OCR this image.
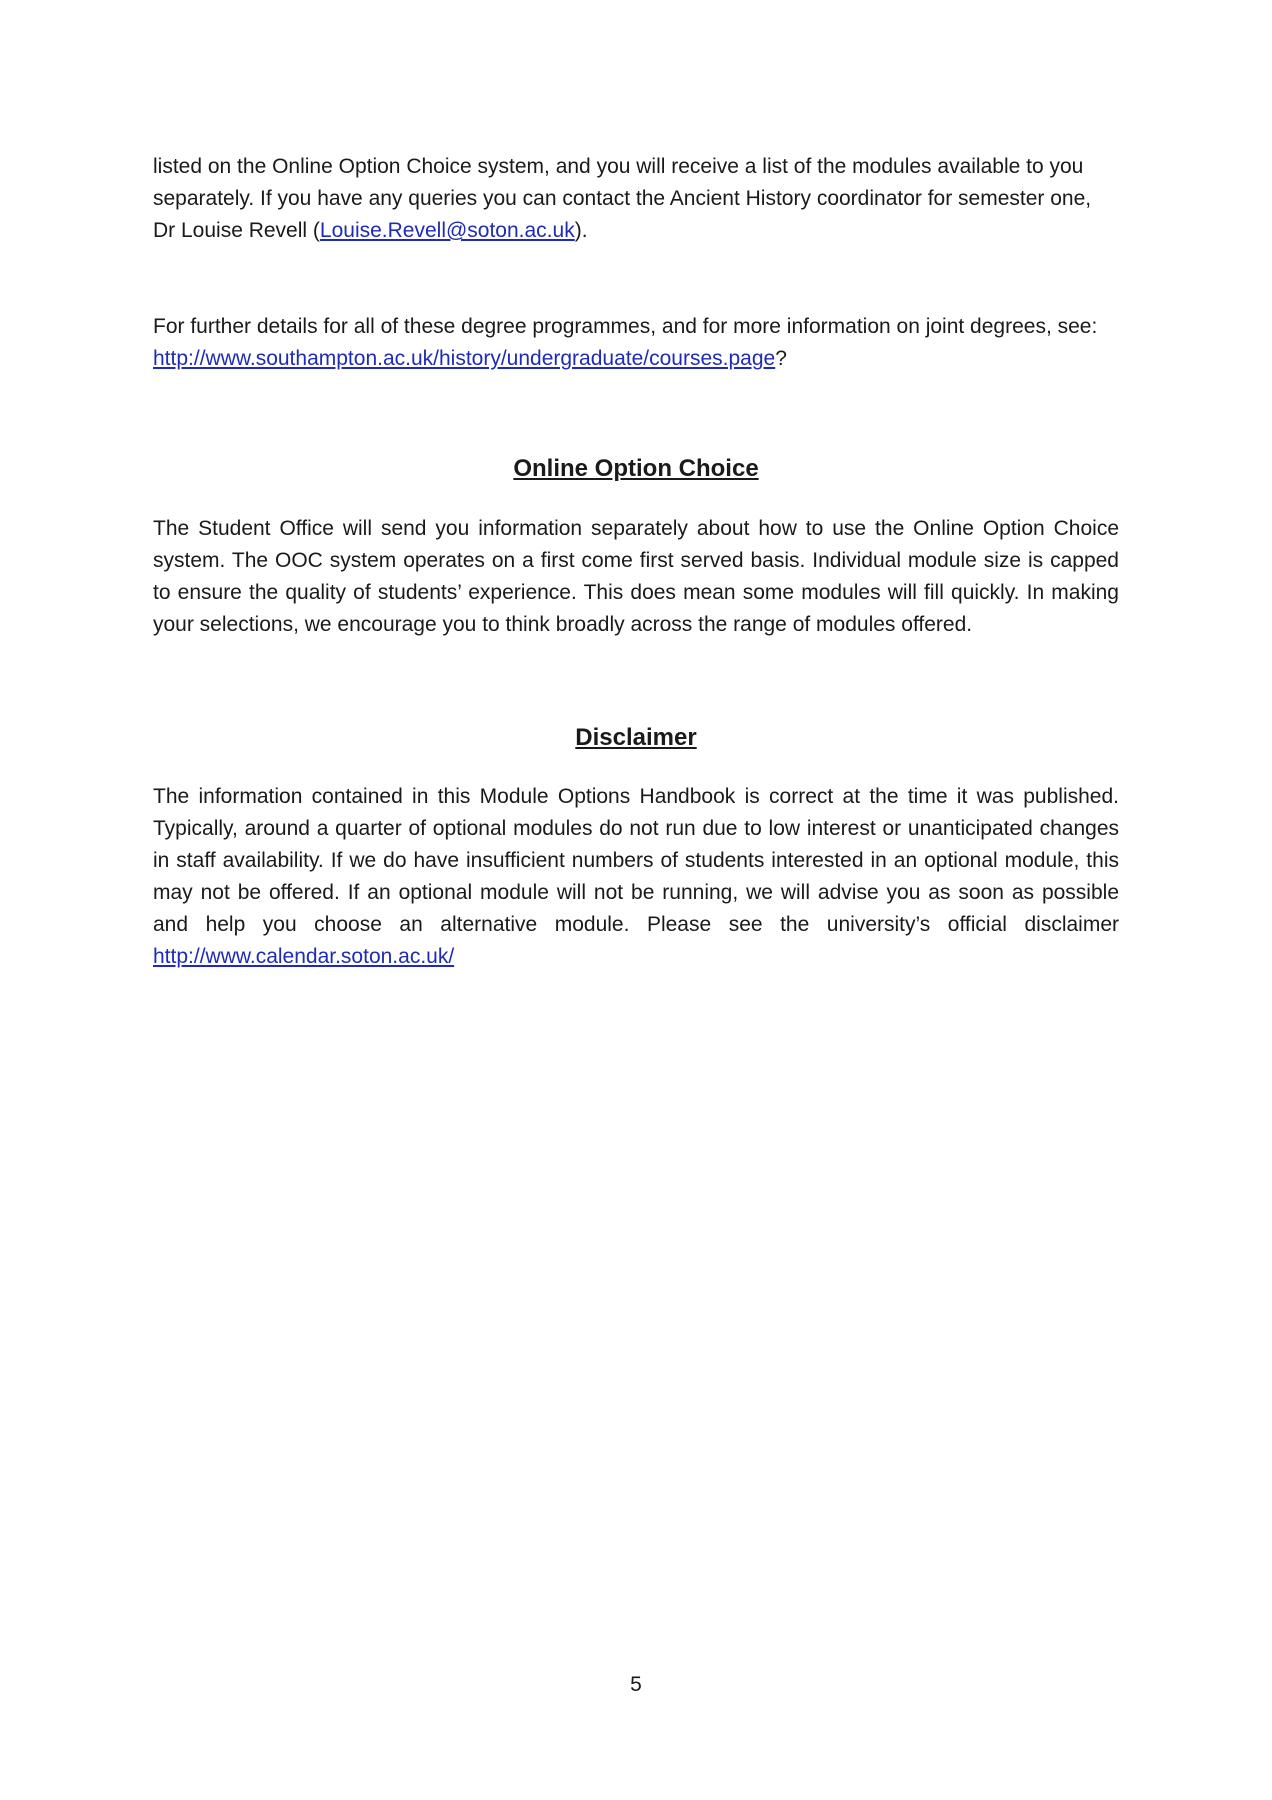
listed on the Online Option Choice system, and you will receive a list of the modules available to you separately. If you have any queries you can contact the Ancient History coordinator for semester one, Dr Louise Revell (Louise.Revell@soton.ac.uk).

For further details for all of these degree programmes, and for more information on joint degrees, see: http://www.southampton.ac.uk/history/undergraduate/courses.page?

Online Option Choice

The Student Office will send you information separately about how to use the Online Option Choice system. The OOC system operates on a first come first served basis. Individual module size is capped to ensure the quality of students’ experience. This does mean some modules will fill quickly. In making your selections, we encourage you to think broadly across the range of modules offered.

Disclaimer

The information contained in this Module Options Handbook is correct at the time it was published. Typically, around a quarter of optional modules do not run due to low interest or unanticipated changes in staff availability. If we do have insufficient numbers of students interested in an optional module, this may not be offered. If an optional module will not be running, we will advise you as soon as possible and help you choose an alternative module. Please see the university’s official disclaimer http://www.calendar.soton.ac.uk/

5
